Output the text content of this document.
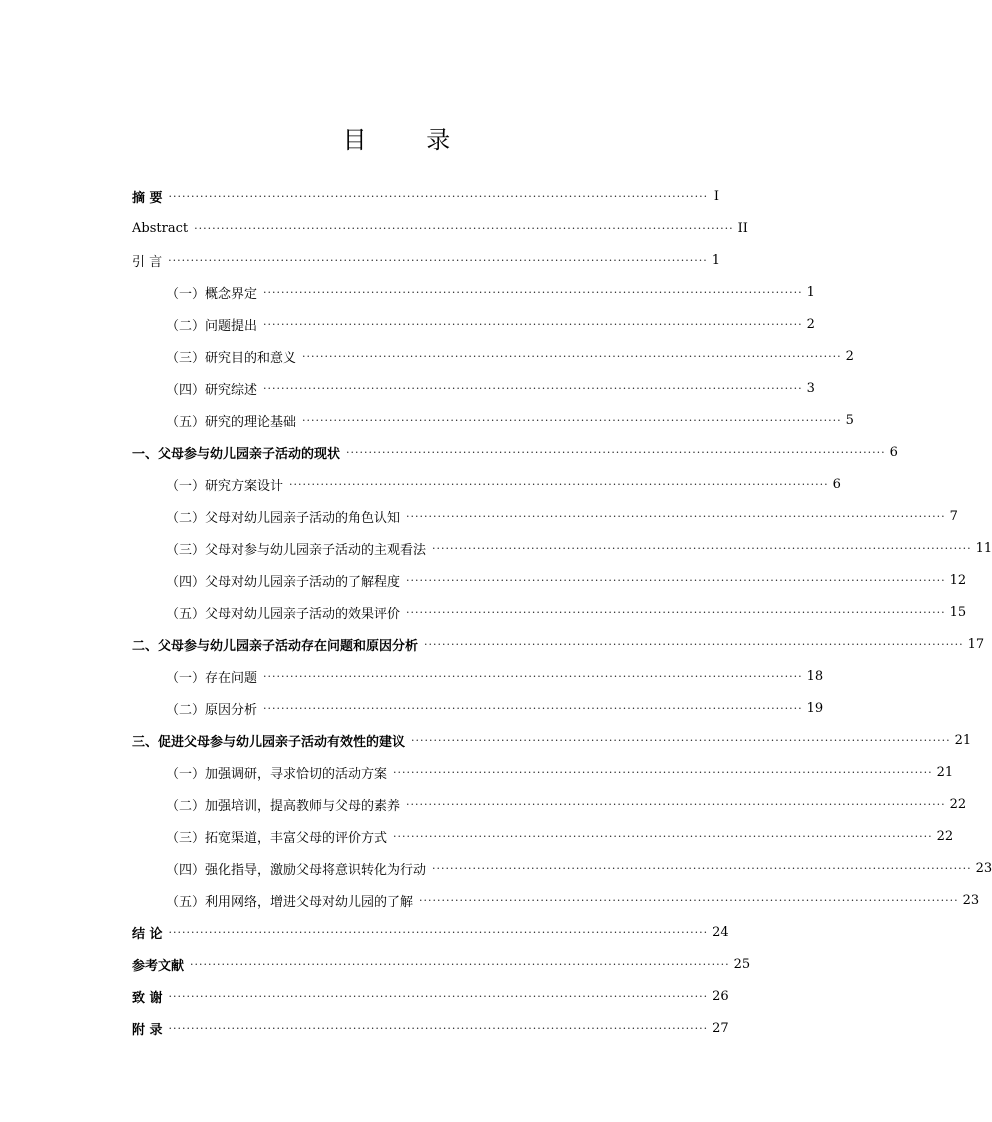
目 录
摘 要 ························································································································ I
Abstract ························································································································ II
引 言 ························································································································ 1
（一）概念界定 ························································································································ 1
（二）问题提出 ························································································································ 2
（三）研究目的和意义 ························································································································ 2
（四）研究综述 ························································································································ 3
（五）研究的理论基础 ························································································································ 5
一、父母参与幼儿园亲子活动的现状 ························································································································ 6
（一）研究方案设计 ························································································································ 6
（二）父母对幼儿园亲子活动的角色认知 ························································································································ 7
（三）父母对参与幼儿园亲子活动的主观看法 ························································································································ 11
（四）父母对幼儿园亲子活动的了解程度 ························································································································ 12
（五）父母对幼儿园亲子活动的效果评价 ························································································································ 15
二、父母参与幼儿园亲子活动存在问题和原因分析 ························································································································ 17
（一）存在问题 ························································································································ 18
（二）原因分析 ························································································································ 19
三、促进父母参与幼儿园亲子活动有效性的建议 ························································································································ 21
（一）加强调研，寻求恰切的活动方案 ························································································································ 21
（二）加强培训，提高教师与父母的素养 ························································································································ 22
（三）拓宽渠道，丰富父母的评价方式 ························································································································ 22
（四）强化指导，激励父母将意识转化为行动 ························································································································ 23
（五）利用网络，增进父母对幼儿园的了解 ························································································································ 23
结 论 ························································································································ 24
参考文献 ························································································································ 25
致 谢 ························································································································ 26
附 录 ························································································································ 27
